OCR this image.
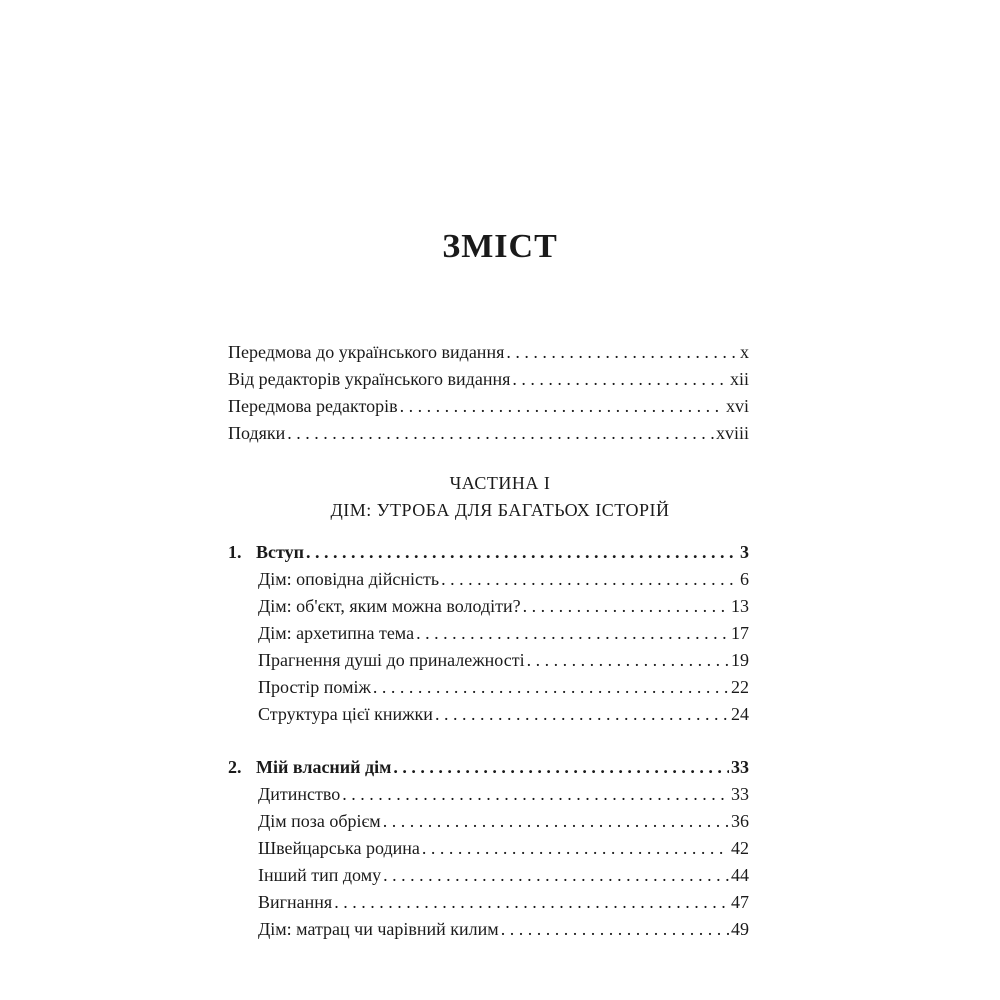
ЗМІСТ
Передмова до українського видання . . .	x
Від редакторів українського видання . . .	xii
Передмова редакторів . . .	xvi
Подяки . . .	xviii
ЧАСТИНА I
ДІМ: УТРОБА ДЛЯ БАГАТЬОХ ІСТОРІЙ
1. Вступ . . .	3
Дім: оповідна дійсність . . .	6
Дім: об'єкт, яким можна володіти? . . .	13
Дім: архетипна тема . . .	17
Прагнення душі до приналежності . . .	19
Простір поміж . . .	22
Структура цієї книжки . . .	24
2. Мій власний дім . . .	33
Дитинство . . .	33
Дім поза обрієм . . .	36
Швейцарська родина . . .	42
Інший тип дому . . .	44
Вигнання . . .	47
Дім: матрац чи чарівний килим . . .	49
